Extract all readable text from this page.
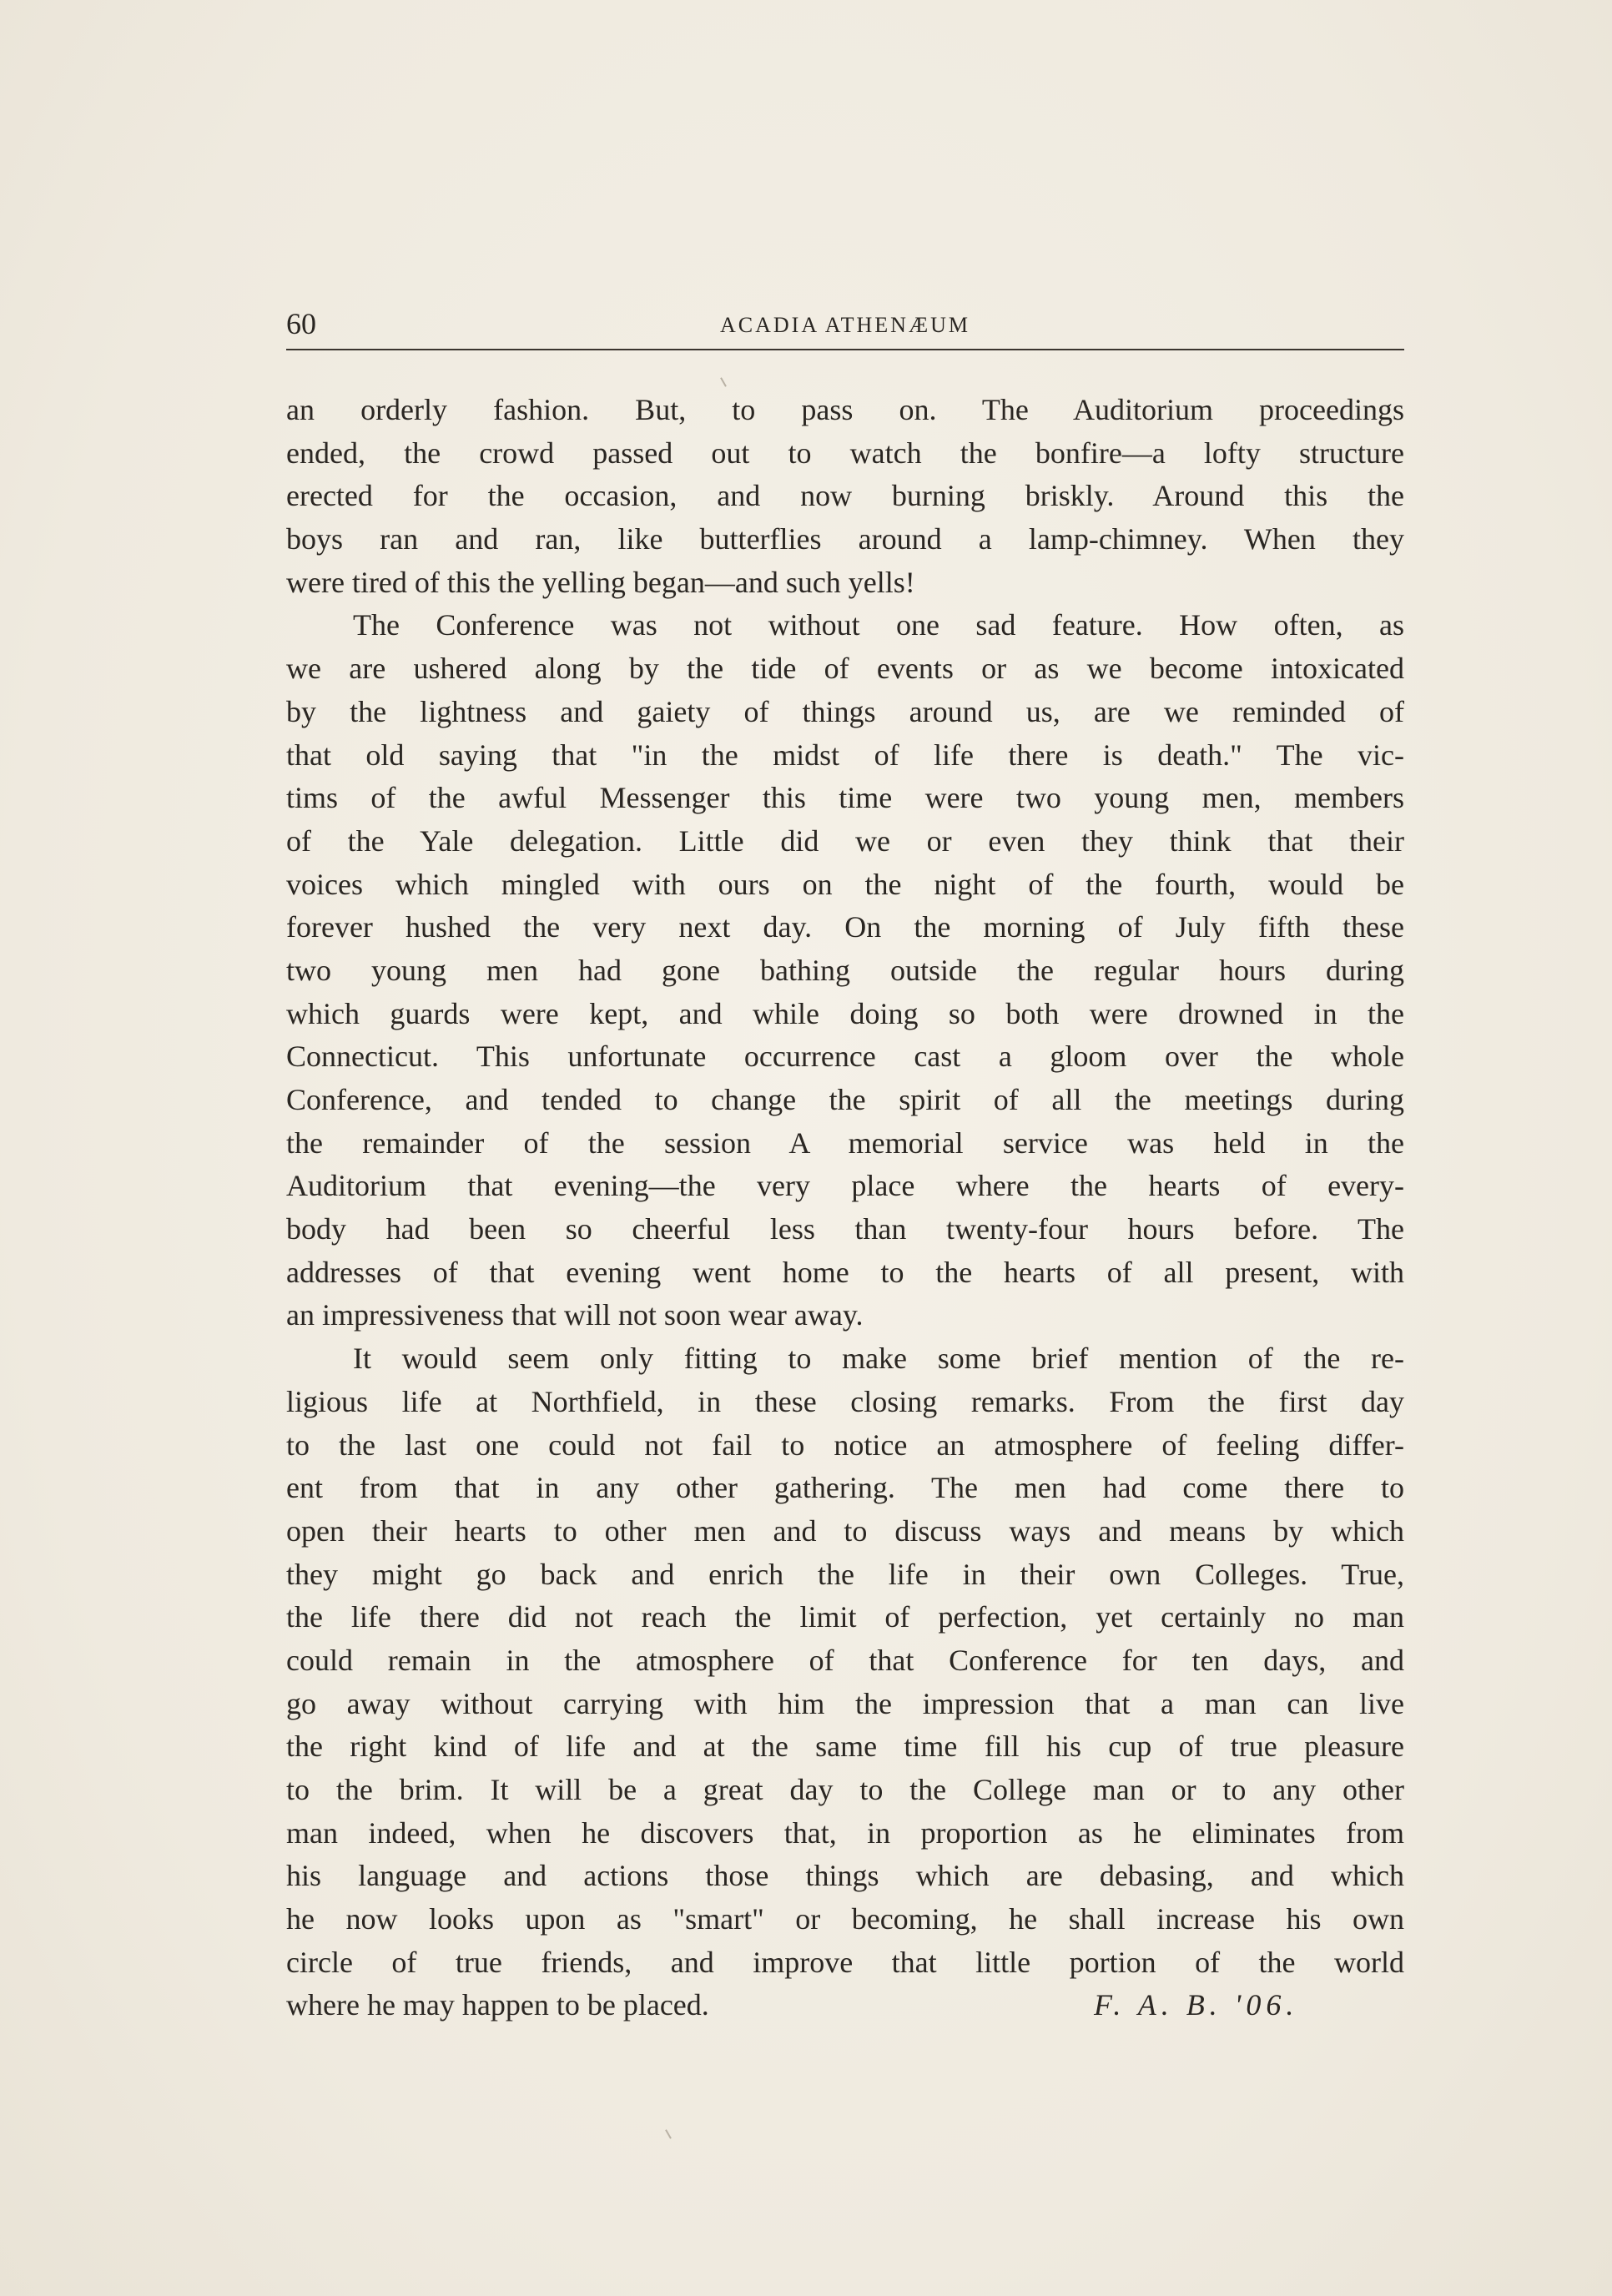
60	ACADIA ATHENÆUM
an orderly fashion. But, to pass on. The Auditorium proceedings
ended, the crowd passed out to watch the bonfire—a lofty structure
erected for the occasion, and now burning briskly. Around this the
boys ran and ran, like butterflies around a lamp-chimney. When they
were tired of this the yelling began—and such yells!
The Conference was not without one sad feature. How often, as
we are ushered along by the tide of events or as we become intoxicated
by the lightness and gaiety of things around us, are we reminded of
that old saying that "in the midst of life there is death." The vic-
tims of the awful Messenger this time were two young men, members
of the Yale delegation. Little did we or even they think that their
voices which mingled with ours on the night of the fourth, would be
forever hushed the very next day. On the morning of July fifth these
two young men had gone bathing outside the regular hours during
which guards were kept, and while doing so both were drowned in the
Connecticut. This unfortunate occurrence cast a gloom over the whole
Conference, and tended to change the spirit of all the meetings during
the remainder of the session A memorial service was held in the
Auditorium that evening—the very place where the hearts of every-
body had been so cheerful less than twenty-four hours before. The
addresses of that evening went home to the hearts of all present, with
an impressiveness that will not soon wear away.
It would seem only fitting to make some brief mention of the re-
ligious life at Northfield, in these closing remarks. From the first day
to the last one could not fail to notice an atmosphere of feeling differ-
ent from that in any other gathering. The men had come there to
open their hearts to other men and to discuss ways and means by which
they might go back and enrich the life in their own Colleges. True,
the life there did not reach the limit of perfection, yet certainly no man
could remain in the atmosphere of that Conference for ten days, and
go away without carrying with him the impression that a man can live
the right kind of life and at the same time fill his cup of true pleasure
to the brim. It will be a great day to the College man or to any other
man indeed, when he discovers that, in proportion as he eliminates from
his language and actions those things which are debasing, and which
he now looks upon as "smart" or becoming, he shall increase his own
circle of true friends, and improve that little portion of the world
where he may happen to be placed.	F. A. B. '06.
